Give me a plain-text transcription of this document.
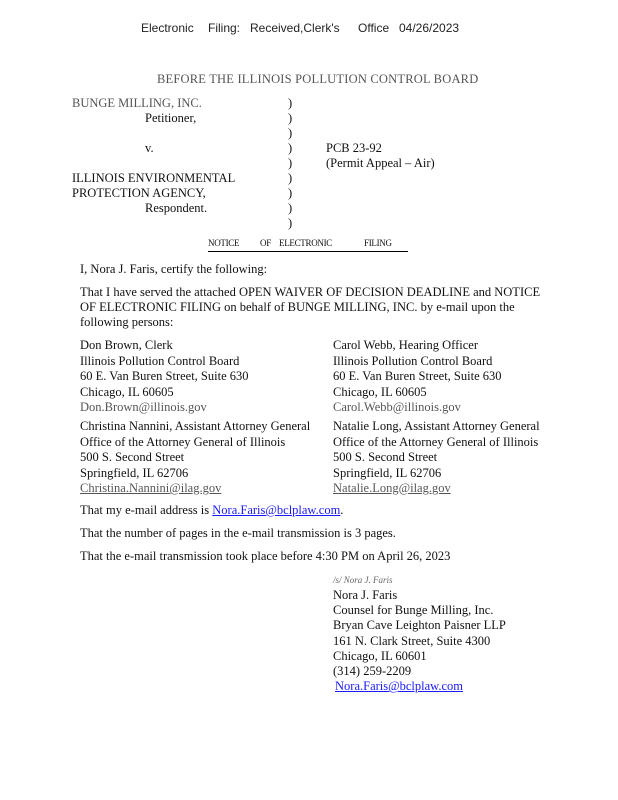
Electronic Filing: Received,Clerk's Office 04/26/2023
BEFORE THE ILLINOIS POLLUTION CONTROL BOARD
BUNGE MILLING, INC.
Petitioner,
v.
ILLINOIS ENVIRONMENTAL
PROTECTION AGENCY,
Respondent.
)
)
)
)
)
)
)
)
)
PCB 23-92
(Permit Appeal – Air)
NOTICE OF ELECTRONIC	FILING
I, Nora J. Faris, certify the following:
That I have served the attached OPEN WAIVER OF DECISION DEADLINE and NOTICE
OF ELECTRONIC FILING on behalf of BUNGE MILLING, INC. by e-mail upon the
following persons:
Don Brown, Clerk
Illinois Pollution Control Board
60 E. Van Buren Street, Suite 630
Chicago, IL 60605
Don.Brown@illinois.gov
Carol Webb, Hearing Officer
Illinois Pollution Control Board
60 E. Van Buren Street, Suite 630
Chicago, IL 60605
Carol.Webb@illinois.gov
Christina Nannini, Assistant Attorney General
Office of the Attorney General of Illinois
500 S. Second Street
Springfield, IL 62706
Christina.Nannini@ilag.gov
Natalie Long, Assistant Attorney General
Office of the Attorney General of Illinois
500 S. Second Street
Springfield, IL 62706
Natalie.Long@ilag.gov
That my e-mail address is Nora.Faris@bclplaw.com.
That the number of pages in the e-mail transmission is 3 pages.
That the e-mail transmission took place before 4:30 PM on April 26, 2023
/s/ Nora J. Faris
Nora J. Faris
Counsel for Bunge Milling, Inc.
Bryan Cave Leighton Paisner LLP
161 N. Clark Street, Suite 4300
Chicago, IL 60601
(314) 259-2209
Nora.Faris@bclplaw.com
